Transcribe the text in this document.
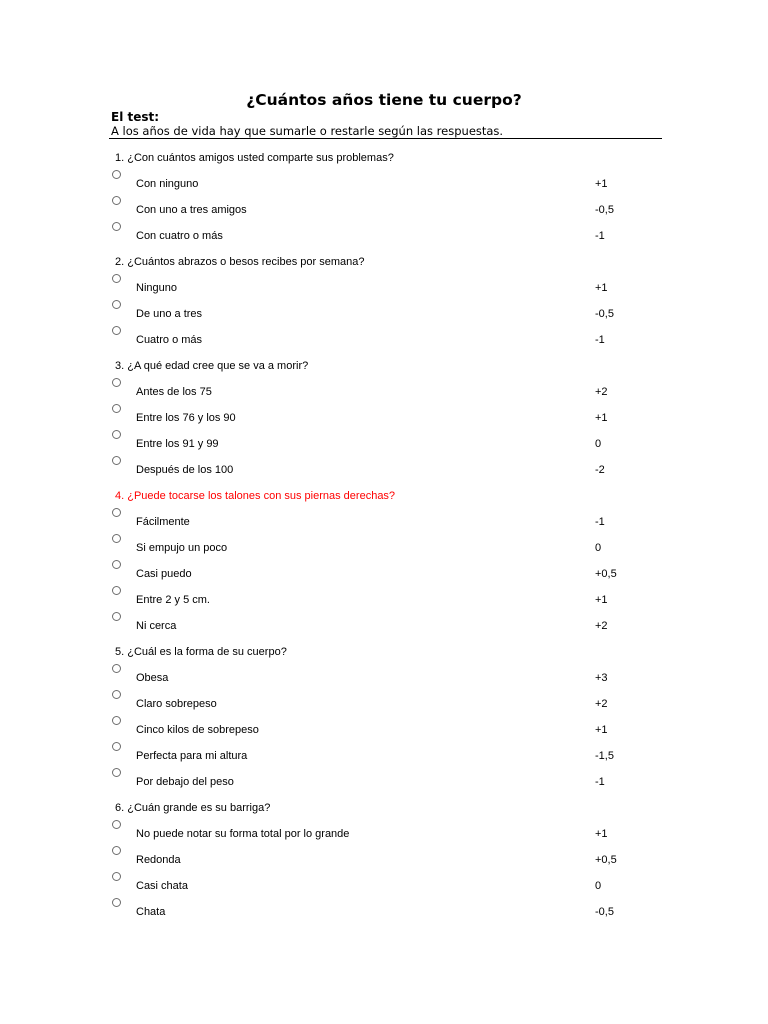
¿Cuántos años tiene tu cuerpo?
El test:
A los años de vida hay que sumarle o restarle según las respuestas.
1. ¿Con cuántos amigos usted comparte sus problemas?
Con ninguno	+1
Con uno a tres amigos	-0,5
Con cuatro o más	-1
2. ¿Cuántos abrazos o besos recibes por semana?
Ninguno	+1
De uno a tres	-0,5
Cuatro o más	-1
3. ¿A qué edad cree que se va a morir?
Antes de los 75	+2
Entre los 76 y los 90	+1
Entre los 91 y 99	0
Después de los 100	-2
4. ¿Puede tocarse los talones con sus piernas derechas?
Fácilmente	-1
Si empujo un poco	0
Casi puedo	+0,5
Entre 2 y 5 cm.	+1
Ni cerca	+2
5. ¿Cuál es la forma de su cuerpo?
Obesa	+3
Claro sobrepeso	+2
Cinco kilos de sobrepeso	+1
Perfecta para mi altura	-1,5
Por debajo del peso	-1
6. ¿Cuán grande es su barriga?
No puede notar su forma total por lo grande	+1
Redonda	+0,5
Casi chata	0
Chata	-0,5
